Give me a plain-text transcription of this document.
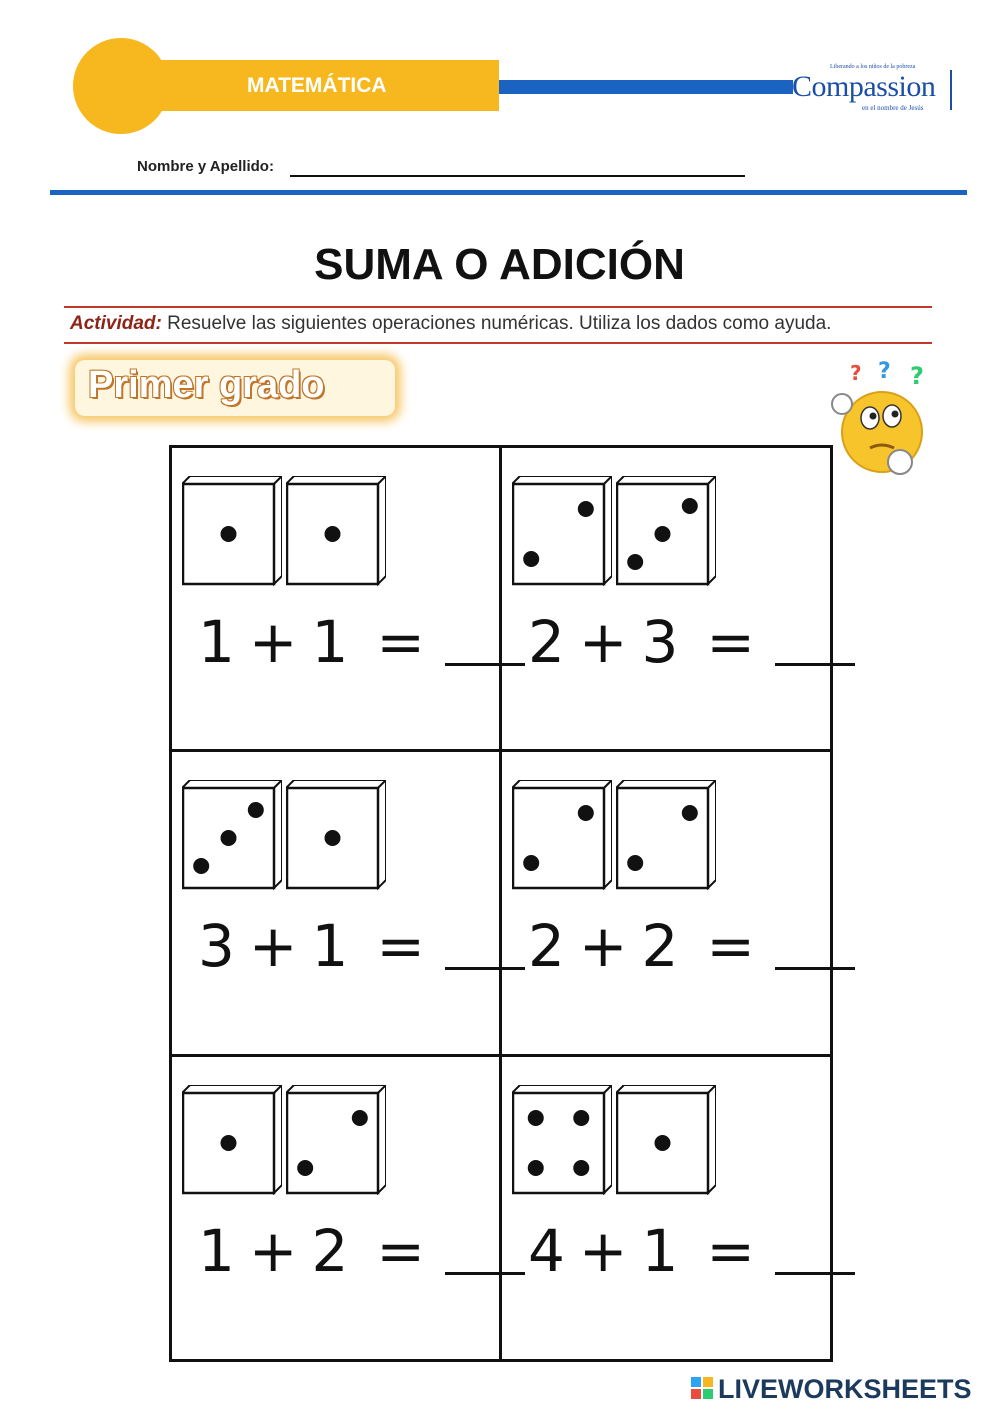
MATEMÁTICA
Liberando a los niños de la pobreza
Compassion
en el nombre de Jesús
Nombre y Apellido:
SUMA O ADICIÓN
Actividad: Resuelve las siguientes operaciones numéricas. Utiliza los dados como ayuda.
Primer grado	? ? ?
1 + 1 =	2 + 3 =
3 + 1 =	2 + 2 =
1 + 2 =	4 + 1 =
LIVEWORKSHEETS
